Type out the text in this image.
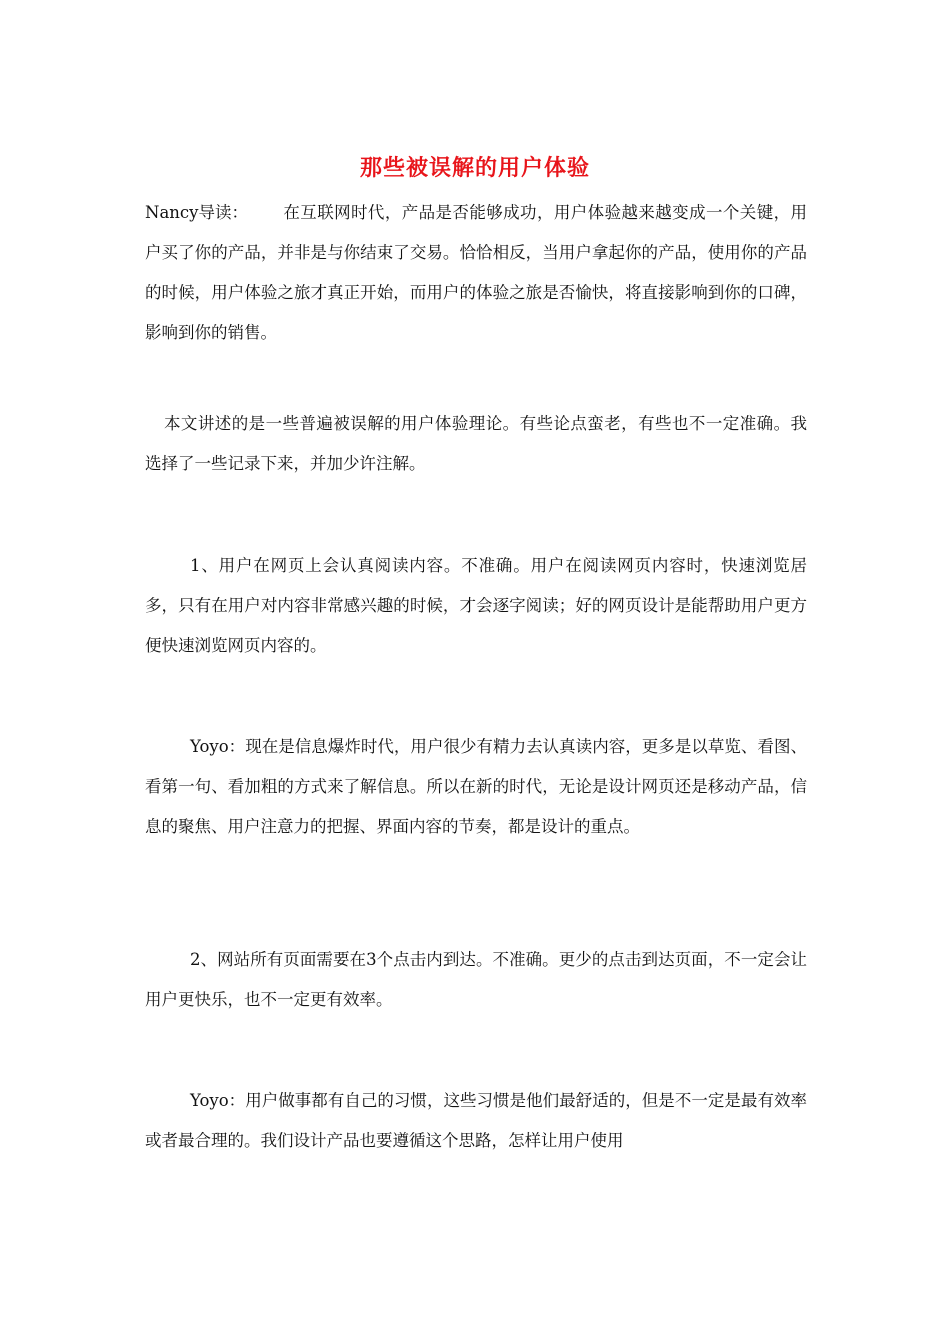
那些被误解的用户体验
Nancy导读： 在互联网时代，产品是否能够成功，用户体验越来越变成一个关键，用户买了你的产品，并非是与你结束了交易。恰恰相反，当用户拿起你的产品，使用你的产品的时候，用户体验之旅才真正开始，而用户的体验之旅是否愉快，将直接影响到你的口碑，影响到你的销售。
本文讲述的是一些普遍被误解的用户体验理论。有些论点蛮老，有些也不一定准确。我选择了一些记录下来，并加少许注解。
1、用户在网页上会认真阅读内容。不准确。用户在阅读网页内容时，快速浏览居多，只有在用户对内容非常感兴趣的时候，才会逐字阅读；好的网页设计是能帮助用户更方便快速浏览网页内容的。
Yoyo：现在是信息爆炸时代，用户很少有精力去认真读内容，更多是以草览、看图、看第一句、看加粗的方式来了解信息。所以在新的时代，无论是设计网页还是移动产品，信息的聚焦、用户注意力的把握、界面内容的节奏，都是设计的重点。
2、网站所有页面需要在3个点击内到达。不准确。更少的点击到达页面，不一定会让用户更快乐，也不一定更有效率。
Yoyo：用户做事都有自己的习惯，这些习惯是他们最舒适的，但是不一定是最有效率或者最合理的。我们设计产品也要遵循这个思路，怎样让用户使用
